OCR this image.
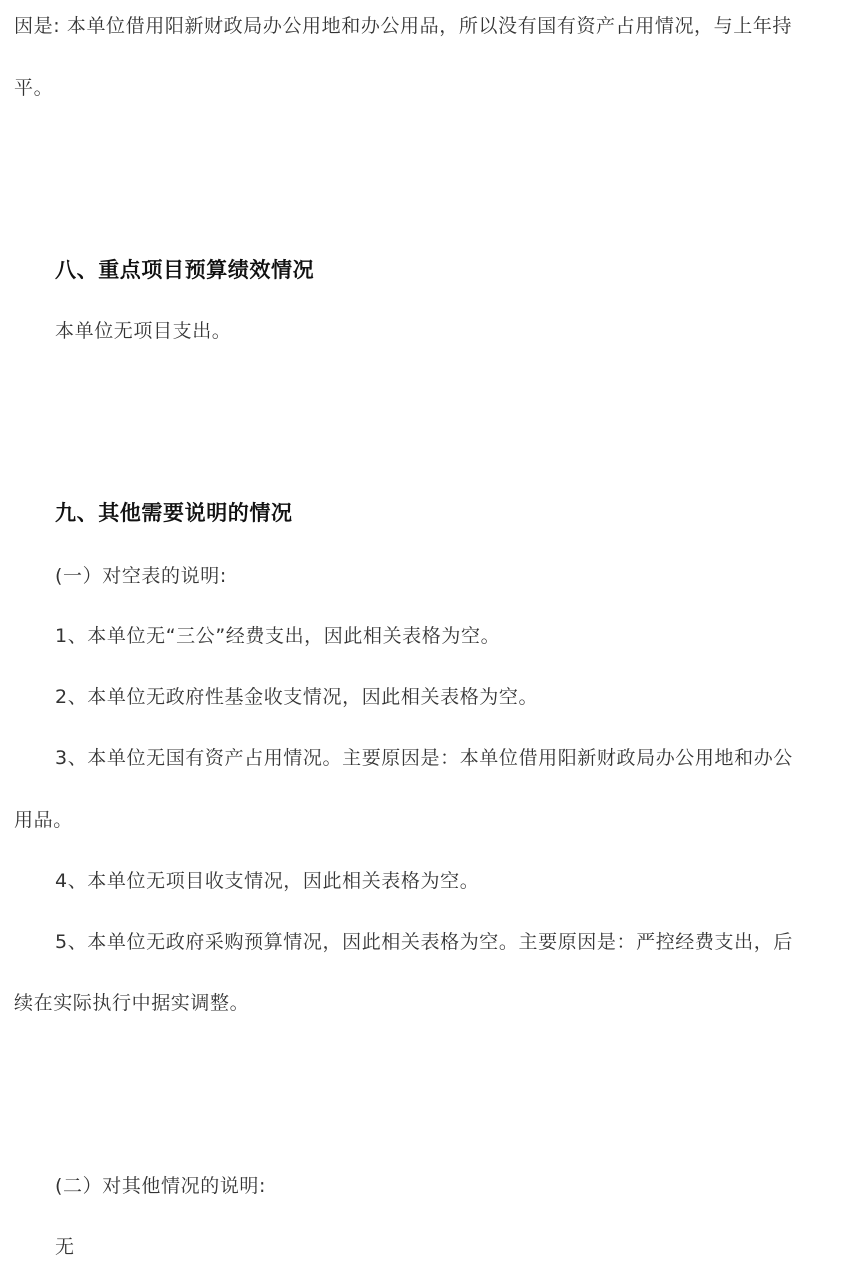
因是: 本单位借用阳新财政局办公用地和办公用品，所以没有国有资产占用情况，与上年持
平。
八、重点项目预算绩效情况
本单位无项目支出。
九、其他需要说明的情况
(一）对空表的说明:
1、本单位无“三公”经费支出，因此相关表格为空。
2、本单位无政府性基金收支情况，因此相关表格为空。
3、本单位无国有资产占用情况。主要原因是：本单位借用阳新财政局办公用地和办公
用品。
4、本单位无项目收支情况，因此相关表格为空。
5、本单位无政府采购预算情况，因此相关表格为空。主要原因是：严控经费支出，后
续在实际执行中据实调整。
(二）对其他情况的说明:
无
